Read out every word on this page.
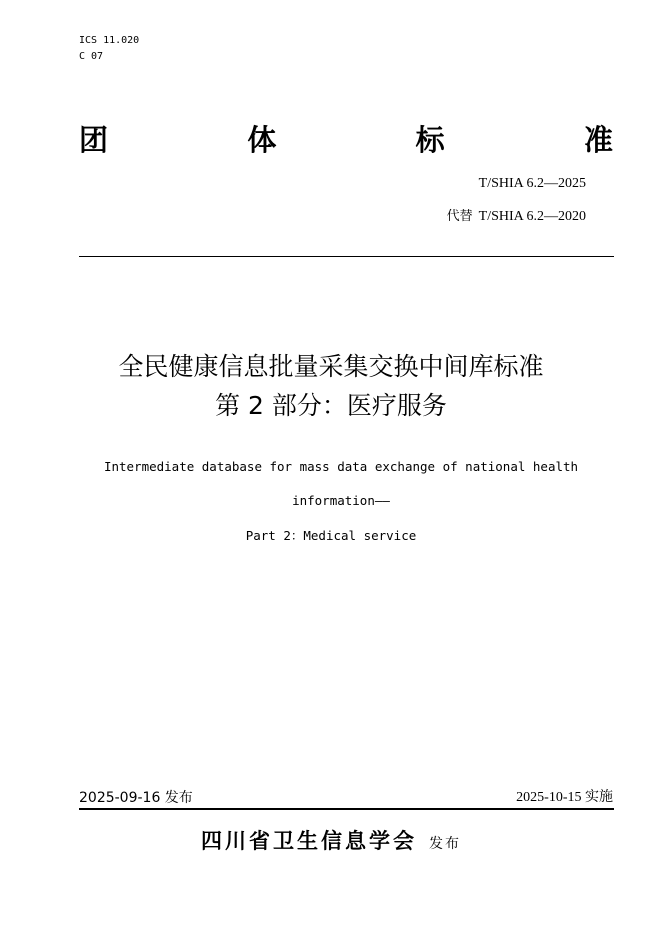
ICS 11.020
C 07
团	体	标	准
T/SHIA 6.2—2025
代替 T/SHIA 6.2—2020
全民健康信息批量采集交换中间库标准
第 2 部分：医疗服务
Intermediate database for mass data exchange of national health
information——
Part 2：Medical service
2025-09-16 发布	2025-10-15 实施
四川省卫生信息学会 发布
